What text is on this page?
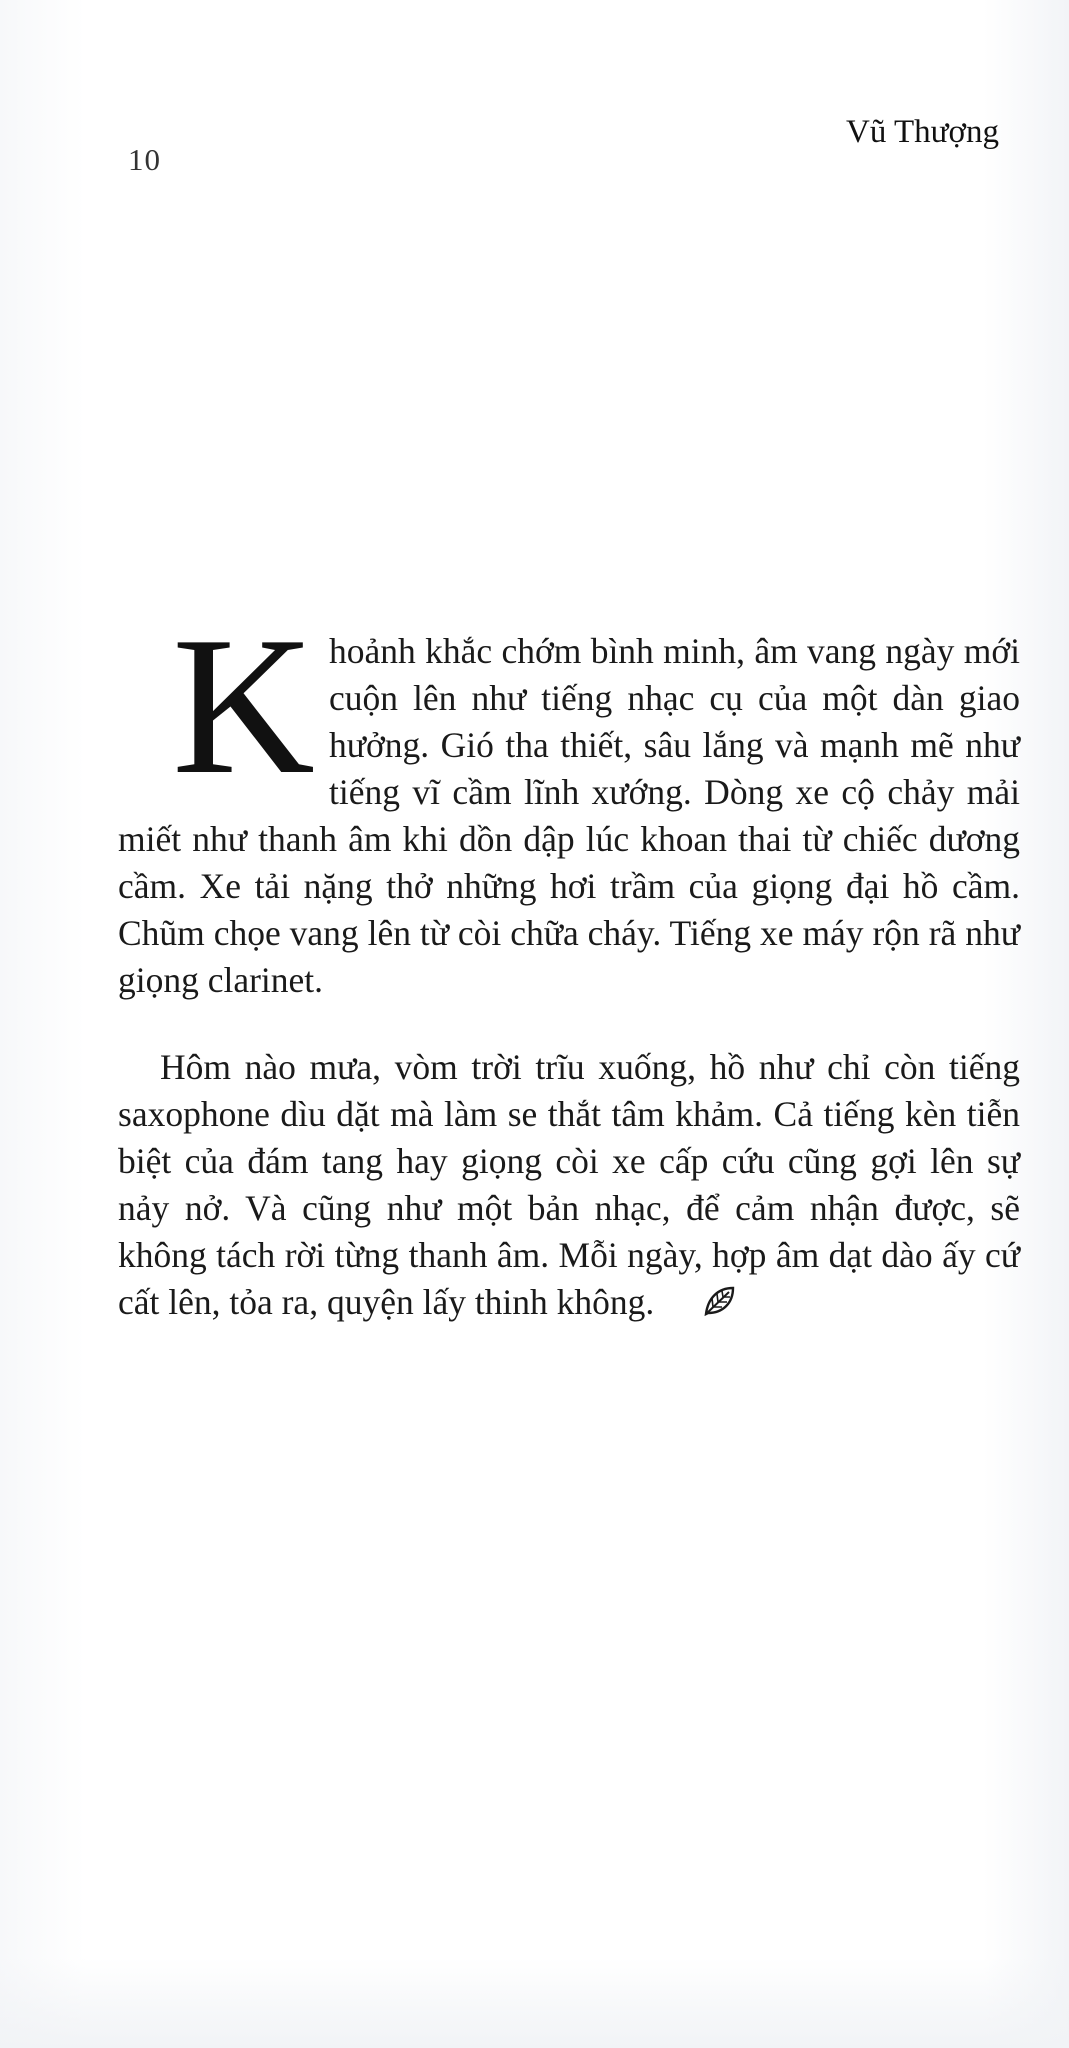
10
Vũ Thượng

Khoảnh khắc chớm bình minh, âm vang ngày mới cuộn lên như tiếng nhạc cụ của một dàn giao hưởng. Gió tha thiết, sâu lắng và mạnh mẽ như tiếng vĩ cầm lĩnh xướng. Dòng xe cộ chảy mải miết như thanh âm khi dồn dập lúc khoan thai từ chiếc dương cầm. Xe tải nặng thở những hơi trầm của giọng đại hồ cầm. Chũm chọe vang lên từ còi chữa cháy. Tiếng xe máy rộn rã như giọng clarinet.

Hôm nào mưa, vòm trời trĩu xuống, hồ như chỉ còn tiếng saxophone dìu dặt mà làm se thắt tâm khảm. Cả tiếng kèn tiễn biệt của đám tang hay giọng còi xe cấp cứu cũng gợi lên sự nảy nở. Và cũng như một bản nhạc, để cảm nhận được, sẽ không tách rời từng thanh âm. Mỗi ngày, hợp âm dạt dào ấy cứ cất lên, tỏa ra, quyện lấy thinh không.
